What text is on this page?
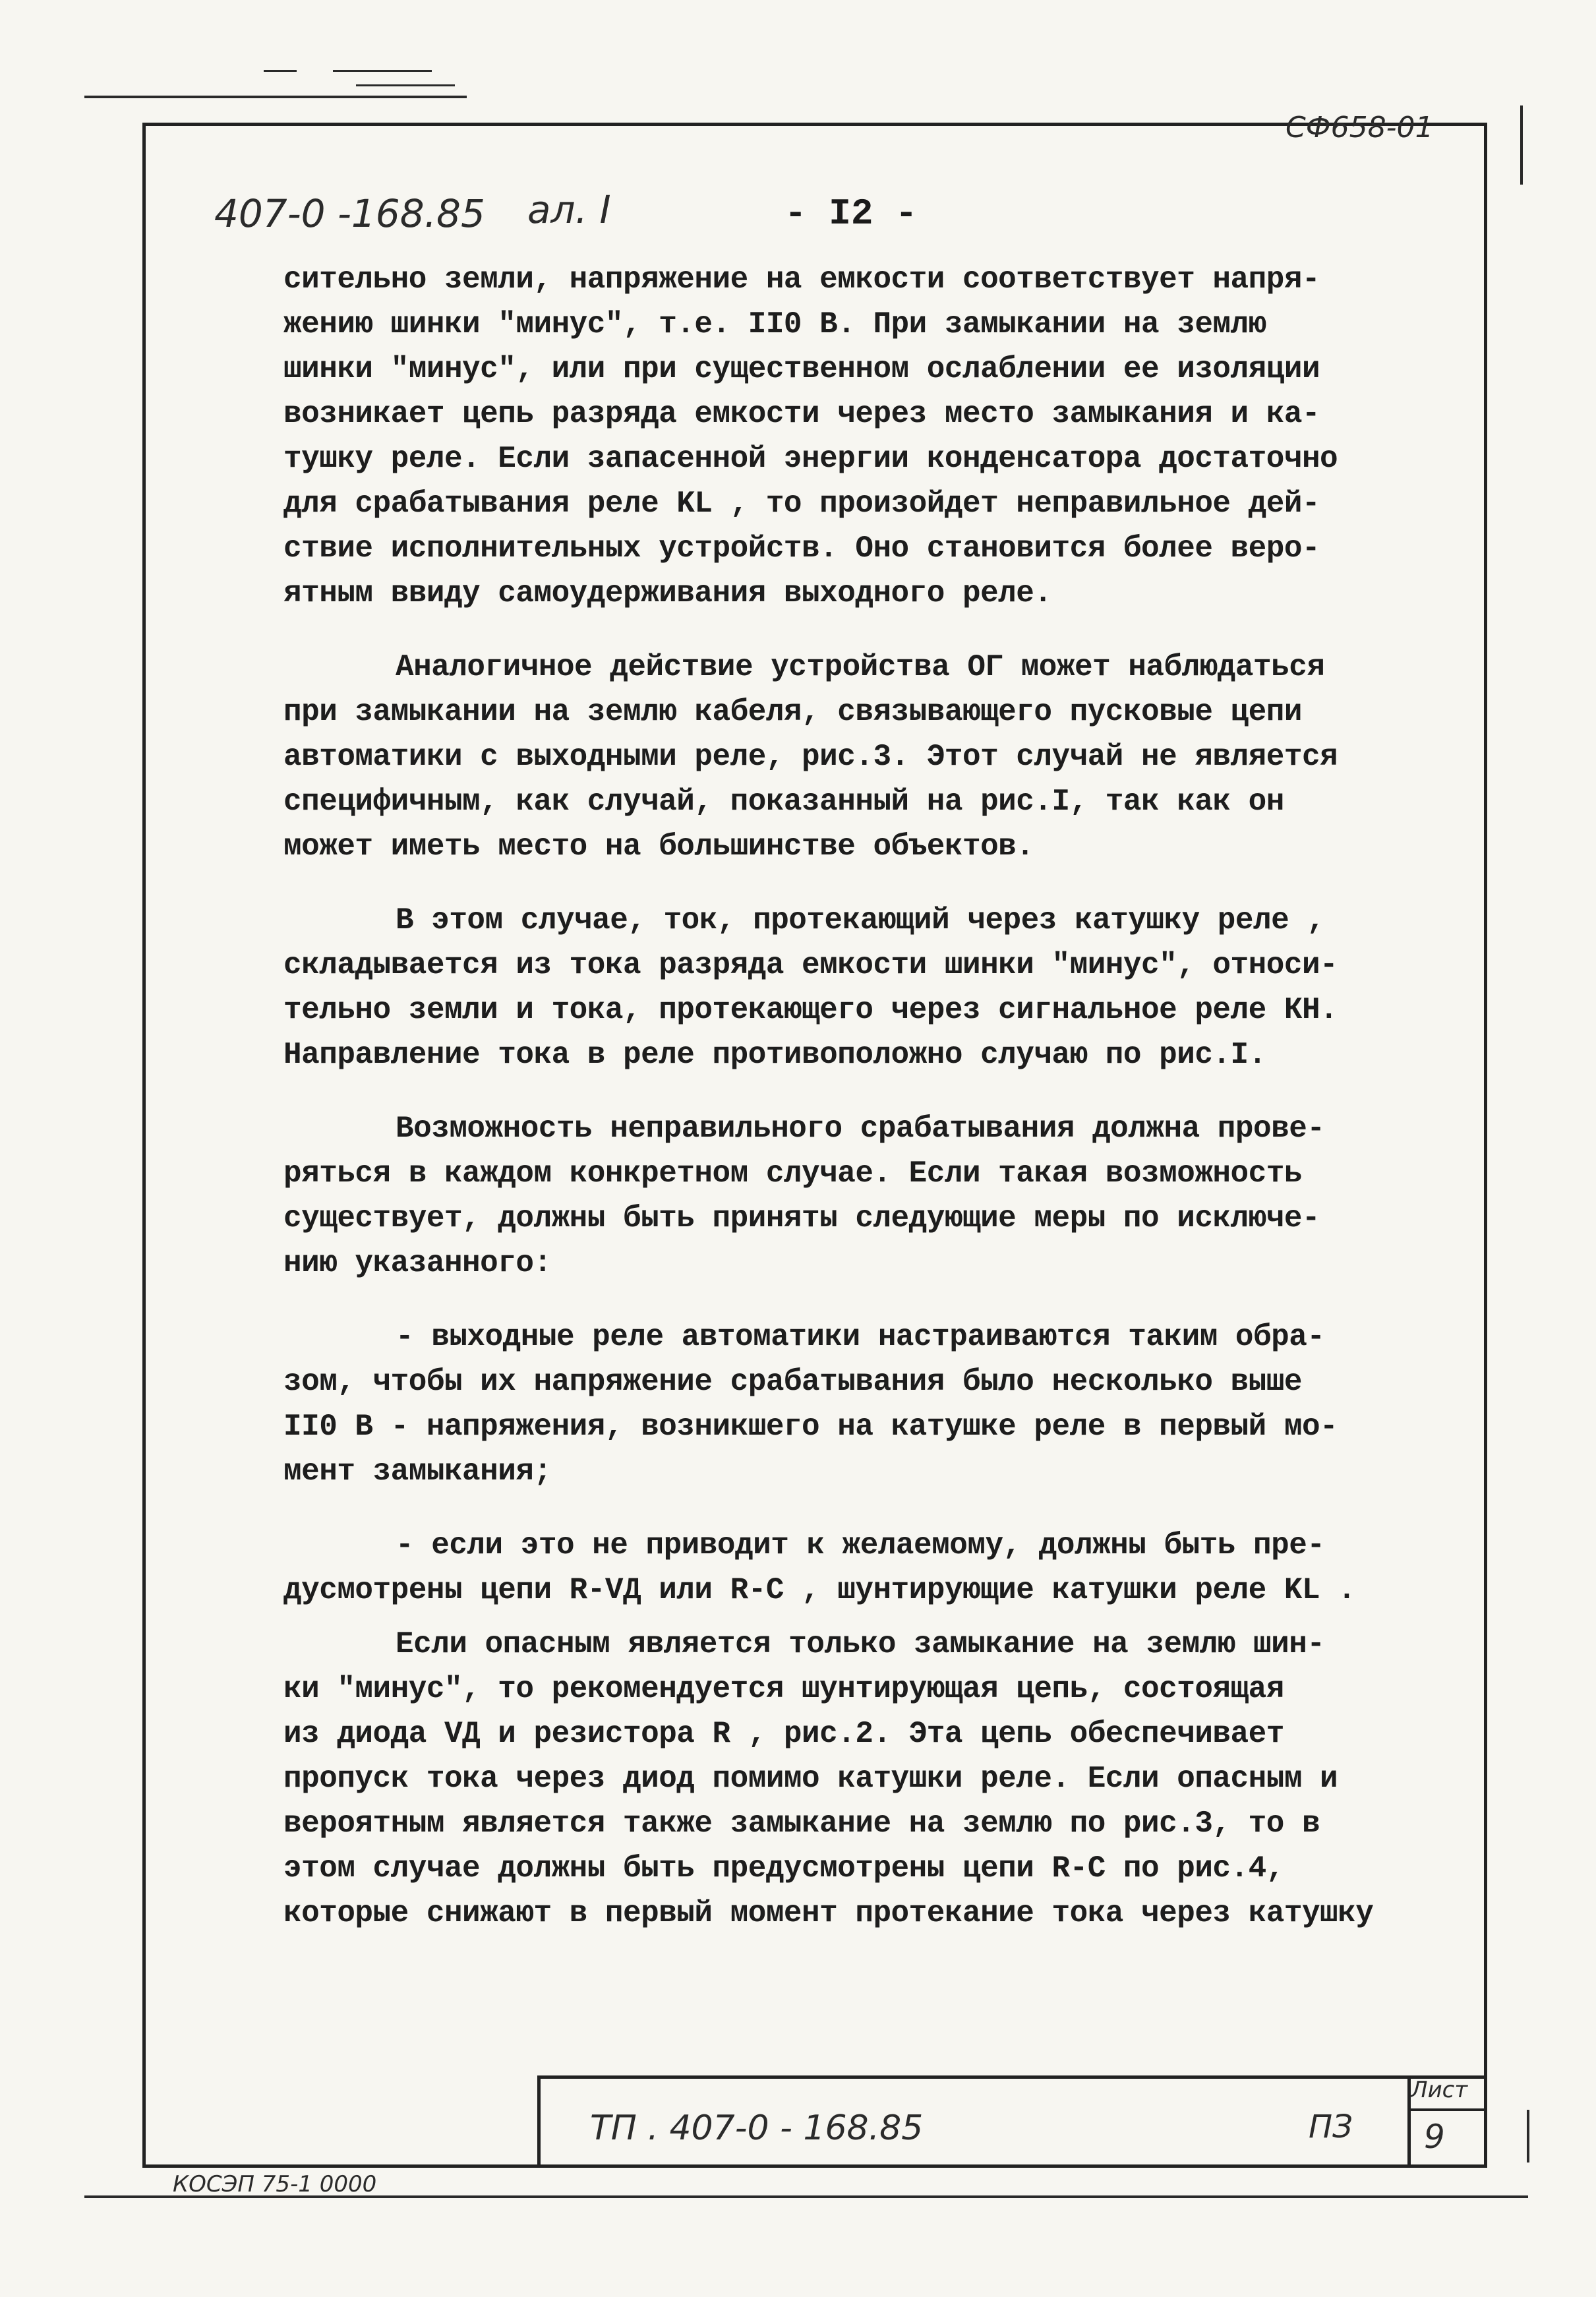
СФ658-01
407-0 -168.85 ал. I	- I2 -
сительно земли, напряжение на емкости соответствует напря-
жению шинки "минус", т.е. II0 В. При замыкании на землю
шинки "минус", или при существенном ослаблении ее изоляции
возникает цепь разряда емкости через место замыкания и ка-
тушку реле. Если запасенной энергии конденсатора достаточно
для срабатывания реле KL , то произойдет неправильное дей-
ствие исполнительных устройств. Оно становится более веро-
ятным ввиду самоудерживания выходного реле.
Аналогичное действие устройства ОГ может наблюдаться
при замыкании на землю кабеля, связывающего пусковые цепи
автоматики с выходными реле, рис.3. Этот случай не является
специфичным, как случай, показанный на рис.I, так как он
может иметь место на большинстве объектов.
В этом случае, ток, протекающий через катушку реле ,
складывается из тока разряда емкости шинки "минус", относи-
тельно земли и тока, протекающего через сигнальное реле КН.
Направление тока в реле противоположно случаю по рис.I.
Возможность неправильного срабатывания должна прове-
ряться в каждом конкретном случае. Если такая возможность
существует, должны быть приняты следующие меры по исключе-
нию указанного:
- выходные реле автоматики настраиваются таким обра-
зом, чтобы их напряжение срабатывания было несколько выше
II0 В - напряжения, возникшего на катушке реле в первый мо-
мент замыкания;
- если это не приводит к желаемому, должны быть пре-
дусмотрены цепи R-VД или R-C , шунтирующие катушки реле KL .
Если опасным является только замыкание на землю шин-
ки "минус", то рекомендуется шунтирующая цепь, состоящая
из диода VД и резистора R , рис.2. Эта цепь обеспечивает
пропуск тока через диод помимо катушки реле. Если опасным и
вероятным является также замыкание на землю по рис.3, то в
этом случае должны быть предусмотрены цепи R-C по рис.4,
которые снижают в первый момент протекание тока через катушку
ТП . 407-0 - 168.85	ПЗ
Лист
9
КОСЭП 75-1 0000
